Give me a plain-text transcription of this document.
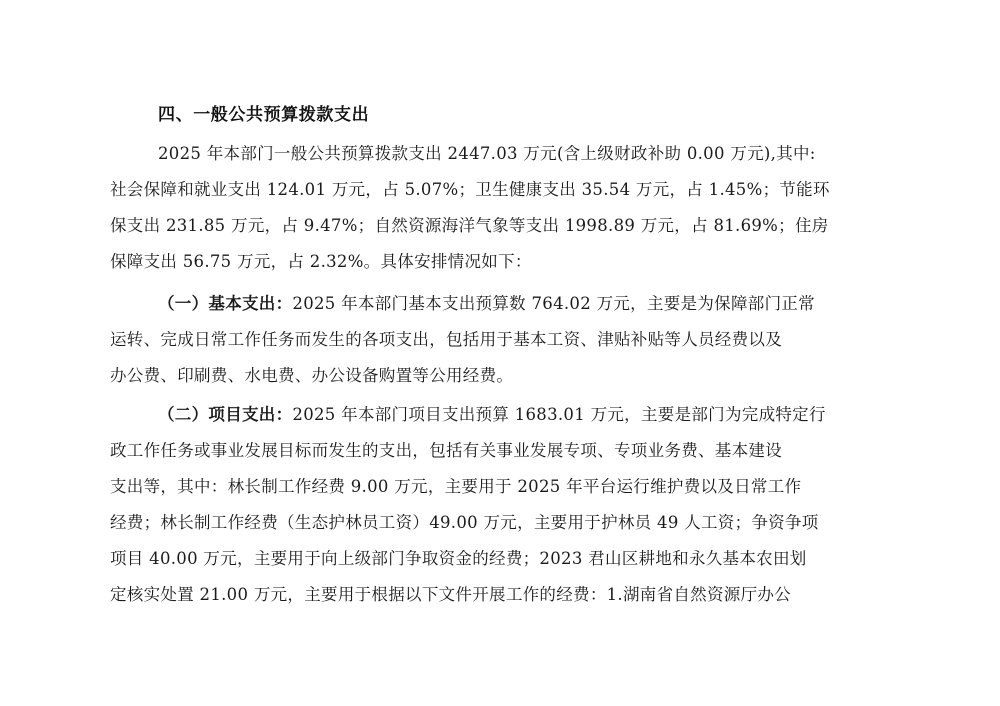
四、一般公共预算拨款支出
2025 年本部门一般公共预算拨款支出 2447.03 万元(含上级财政补助 0.00 万元),其中:
社会保障和就业支出 124.01 万元，占 5.07%；卫生健康支出 35.54 万元，占 1.45%；节能环
保支出 231.85 万元，占 9.47%；自然资源海洋气象等支出 1998.89 万元，占 81.69%；住房
保障支出 56.75 万元，占 2.32%。具体安排情况如下：
（一）基本支出：2025 年本部门基本支出预算数 764.02 万元，主要是为保障部门正常
运转、完成日常工作任务而发生的各项支出，包括用于基本工资、津贴补贴等人员经费以及
办公费、印刷费、水电费、办公设备购置等公用经费。
（二）项目支出：2025 年本部门项目支出预算 1683.01 万元，主要是部门为完成特定行
政工作任务或事业发展目标而发生的支出，包括有关事业发展专项、专项业务费、基本建设
支出等，其中：林长制工作经费 9.00 万元，主要用于 2025 年平台运行维护费以及日常工作
经费；林长制工作经费（生态护林员工资）49.00 万元，主要用于护林员 49 人工资；争资争项
项目 40.00 万元，主要用于向上级部门争取资金的经费；2023 君山区耕地和永久基本农田划
定核实处置 21.00 万元，主要用于根据以下文件开展工作的经费：1.湖南省自然资源厅办公
